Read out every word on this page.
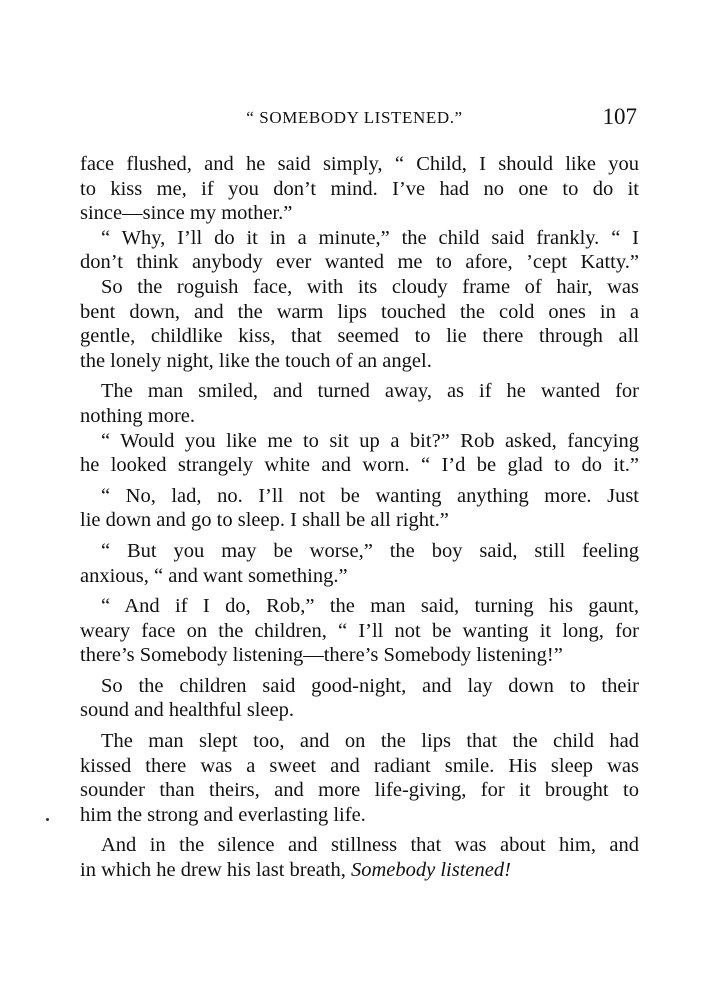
“ SOMEBODY LISTENED.”	107
face flushed, and he said simply, “ Child, I should like you
to kiss me, if you don’t mind. I’ve had no one to do it
since—since my mother.”
“ Why, I’ll do it in a minute,” the child said frankly. “ I
don’t think anybody ever wanted me to afore, ’cept Katty.”
So the roguish face, with its cloudy frame of hair, was
bent down, and the warm lips touched the cold ones in a
gentle, childlike kiss, that seemed to lie there through all
the lonely night, like the touch of an angel.
The man smiled, and turned away, as if he wanted for
nothing more.
“ Would you like me to sit up a bit?” Rob asked, fancying
he looked strangely white and worn. “ I’d be glad to do it.”
“ No, lad, no. I’ll not be wanting anything more. Just
lie down and go to sleep. I shall be all right.”
“ But you may be worse,” the boy said, still feeling
anxious, “ and want something.”
“ And if I do, Rob,” the man said, turning his gaunt,
weary face on the children, “ I’ll not be wanting it long, for
there’s Somebody listening—there’s Somebody listening!”
So the children said good-night, and lay down to their
sound and healthful sleep.
The man slept too, and on the lips that the child had
kissed there was a sweet and radiant smile. His sleep was
sounder than theirs, and more life-giving, for it brought to
him the strong and everlasting life.
And in the silence and stillness that was about him, and
in which he drew his last breath, Somebody listened!
